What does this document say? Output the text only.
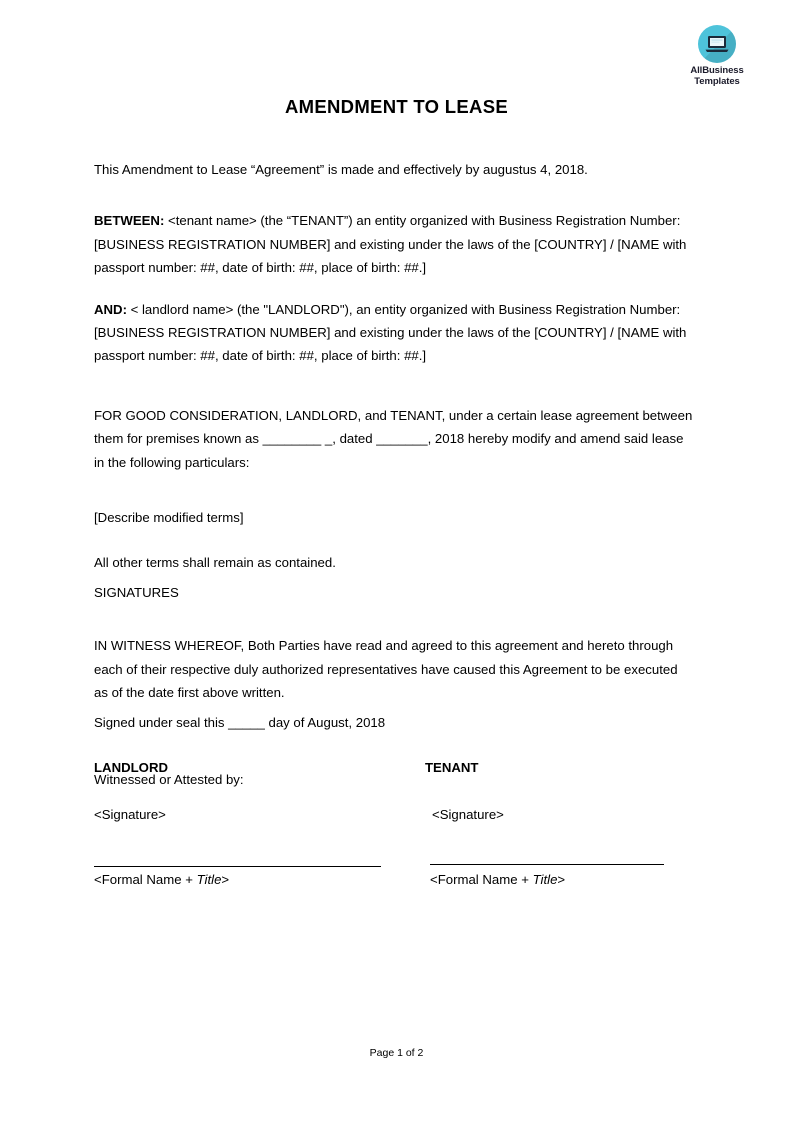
AllBusiness
Templates
AMENDMENT TO LEASE

This Amendment to Lease “Agreement” is made and effectively by augustus 4, 2018.

BETWEEN: <tenant name> (the “TENANT”) an entity organized with Business Registration Number: [BUSINESS REGISTRATION NUMBER] and existing under the laws of the [COUNTRY] / [NAME with passport number: ##, date of birth: ##, place of birth: ##.]

AND: < landlord name> (the "LANDLORD"), an entity organized with Business Registration Number: [BUSINESS REGISTRATION NUMBER] and existing under the laws of the [COUNTRY] / [NAME with passport number: ##, date of birth: ##, place of birth: ##.]

FOR GOOD CONSIDERATION, LANDLORD, and TENANT, under a certain lease agreement between them for premises known as ________ _, dated _______, 2018 hereby modify and amend said lease in the following particulars:

[Describe modified terms]

All other terms shall remain as contained.

SIGNATURES

IN WITNESS WHEREOF, Both Parties have read and agreed to this agreement and hereto through each of their respective duly authorized representatives have caused this Agreement to be executed as of the date first above written.

Signed under seal this _____ day of August, 2018

Witnessed or Attested by:

LANDLORD	TENANT
<Signature>	<Signature>
<Formal Name + Title>	<Formal Name + Title>
Page 1 of 2
